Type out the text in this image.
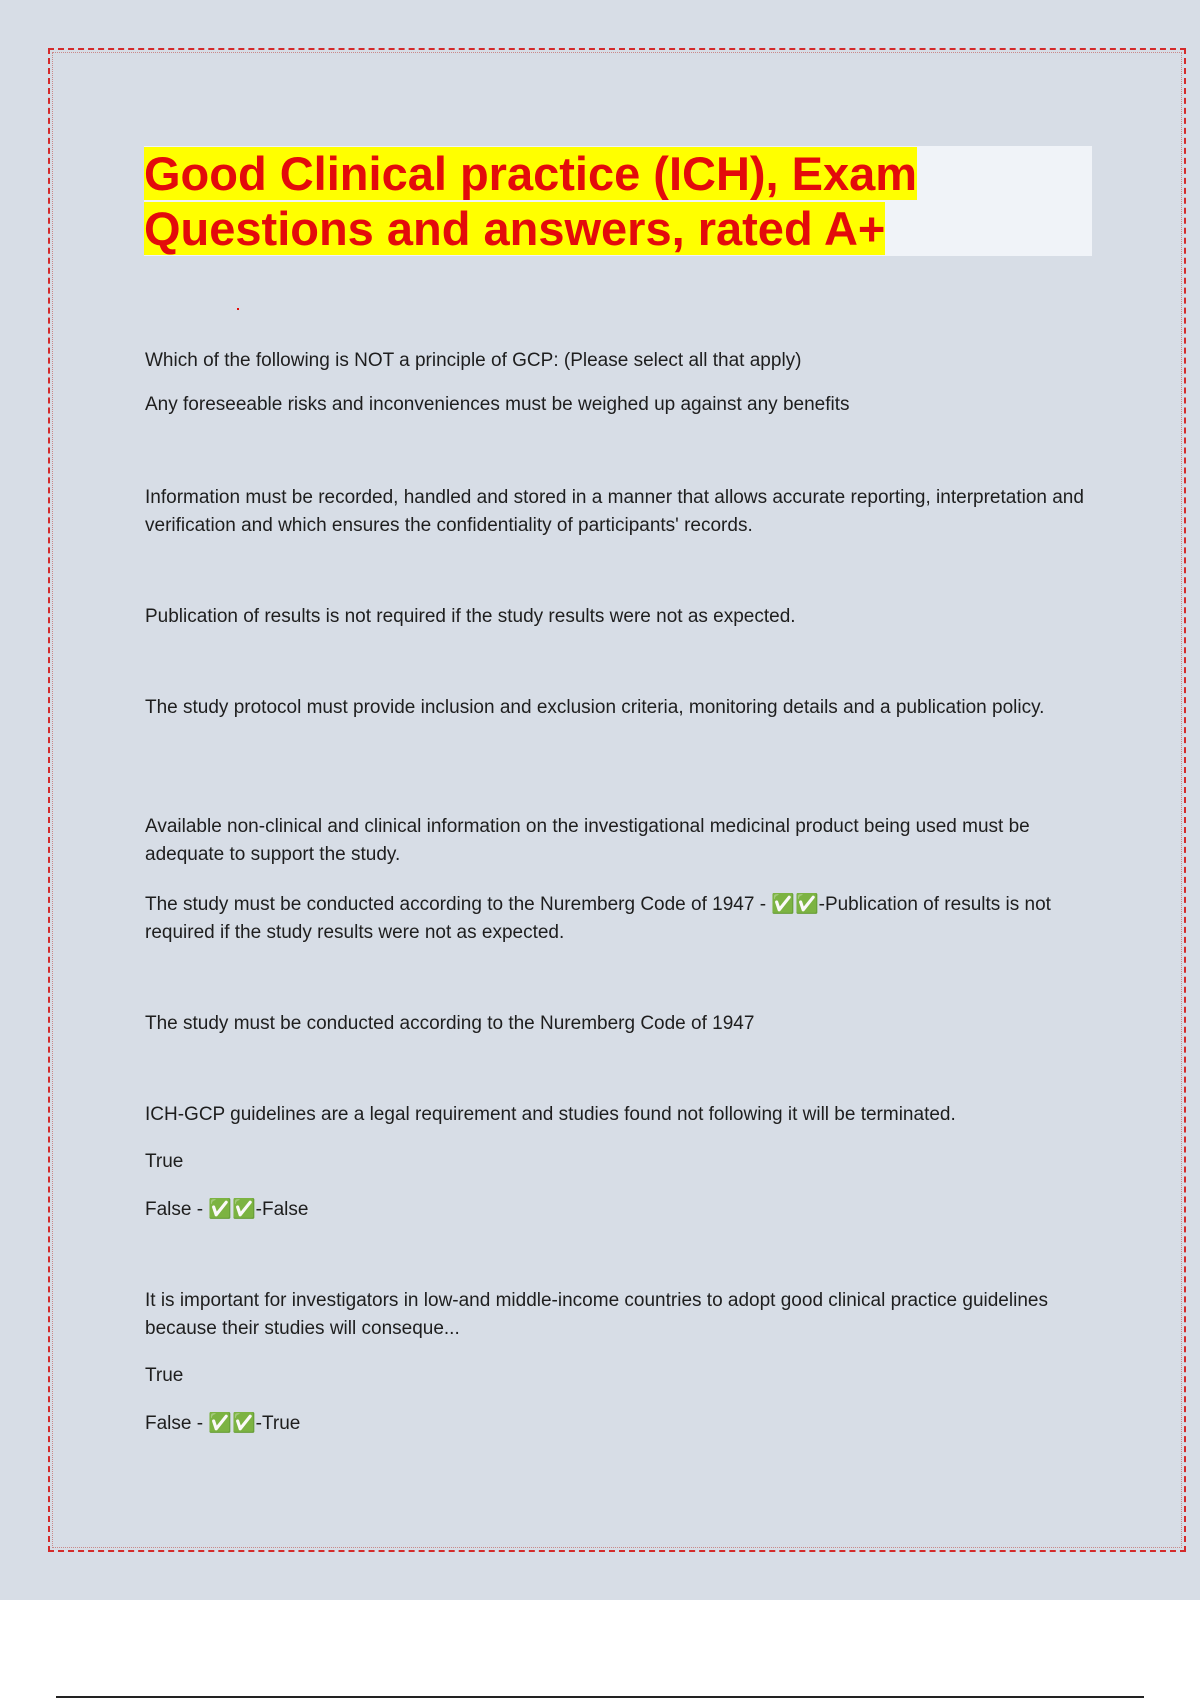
Good Clinical practice (ICH), Exam
Questions and answers, rated A+

Which of the following is NOT a principle of GCP: (Please select all that apply)

Any foreseeable risks and inconveniences must be weighed up against any benefits

Information must be recorded, handled and stored in a manner that allows accurate reporting, interpretation and verification and which ensures the confidentiality of participants' records.

Publication of results is not required if the study results were not as expected.

The study protocol must provide inclusion and exclusion criteria, monitoring details and a publication policy.

Available non-clinical and clinical information on the investigational medicinal product being used must be adequate to support the study.

The study must be conducted according to the Nuremberg Code of 1947 - ✅✅-Publication of results is not required if the study results were not as expected.

The study must be conducted according to the Nuremberg Code of 1947

ICH-GCP guidelines are a legal requirement and studies found not following it will be terminated.

True

False - ✅✅-False

It is important for investigators in low-and middle-income countries to adopt good clinical practice guidelines because their studies will conseque...

True

False - ✅✅-True
